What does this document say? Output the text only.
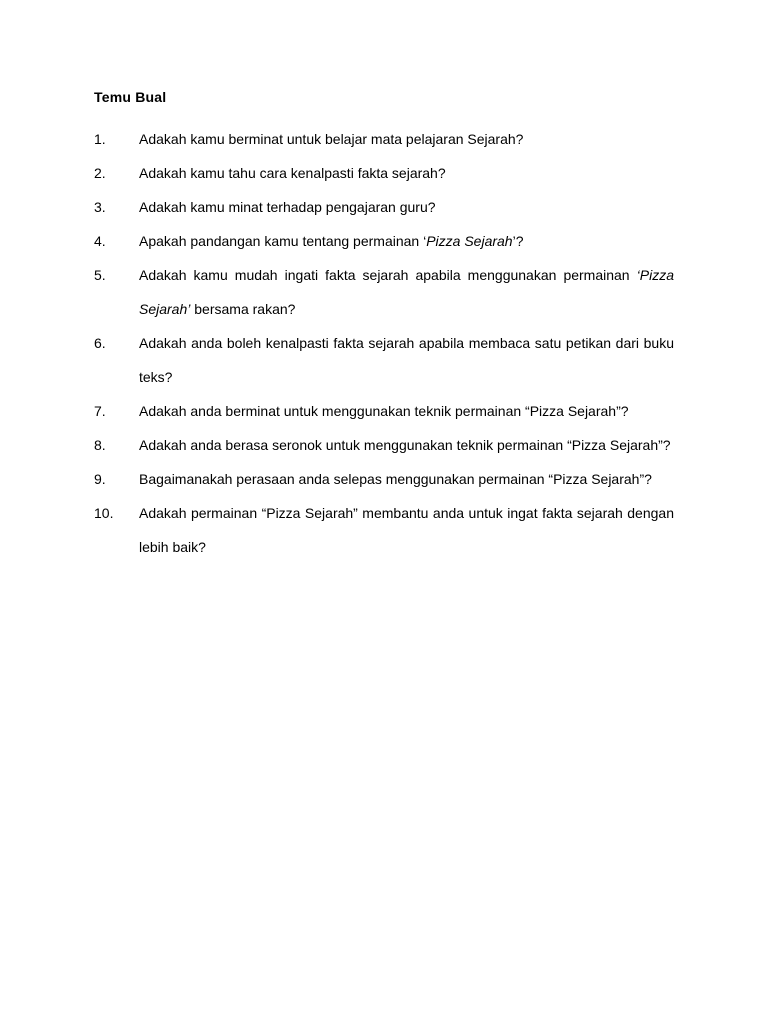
Temu Bual
1.	Adakah kamu berminat untuk belajar mata pelajaran Sejarah?
2.	Adakah kamu tahu cara kenalpasti fakta sejarah?
3.	Adakah kamu minat terhadap pengajaran guru?
4.	Apakah pandangan kamu tentang permainan ‘Pizza Sejarah’?
5.	Adakah kamu mudah ingati fakta sejarah apabila menggunakan permainan ‘Pizza Sejarah’ bersama rakan?
6.	Adakah anda boleh kenalpasti fakta sejarah apabila membaca satu petikan dari buku teks?
7.	Adakah anda berminat untuk menggunakan teknik permainan “Pizza Sejarah”?
8.	Adakah anda berasa seronok untuk menggunakan teknik permainan “Pizza Sejarah”?
9.	Bagaimanakah perasaan anda selepas menggunakan permainan “Pizza Sejarah”?
10.	Adakah permainan “Pizza Sejarah” membantu anda untuk ingat fakta sejarah dengan lebih baik?
